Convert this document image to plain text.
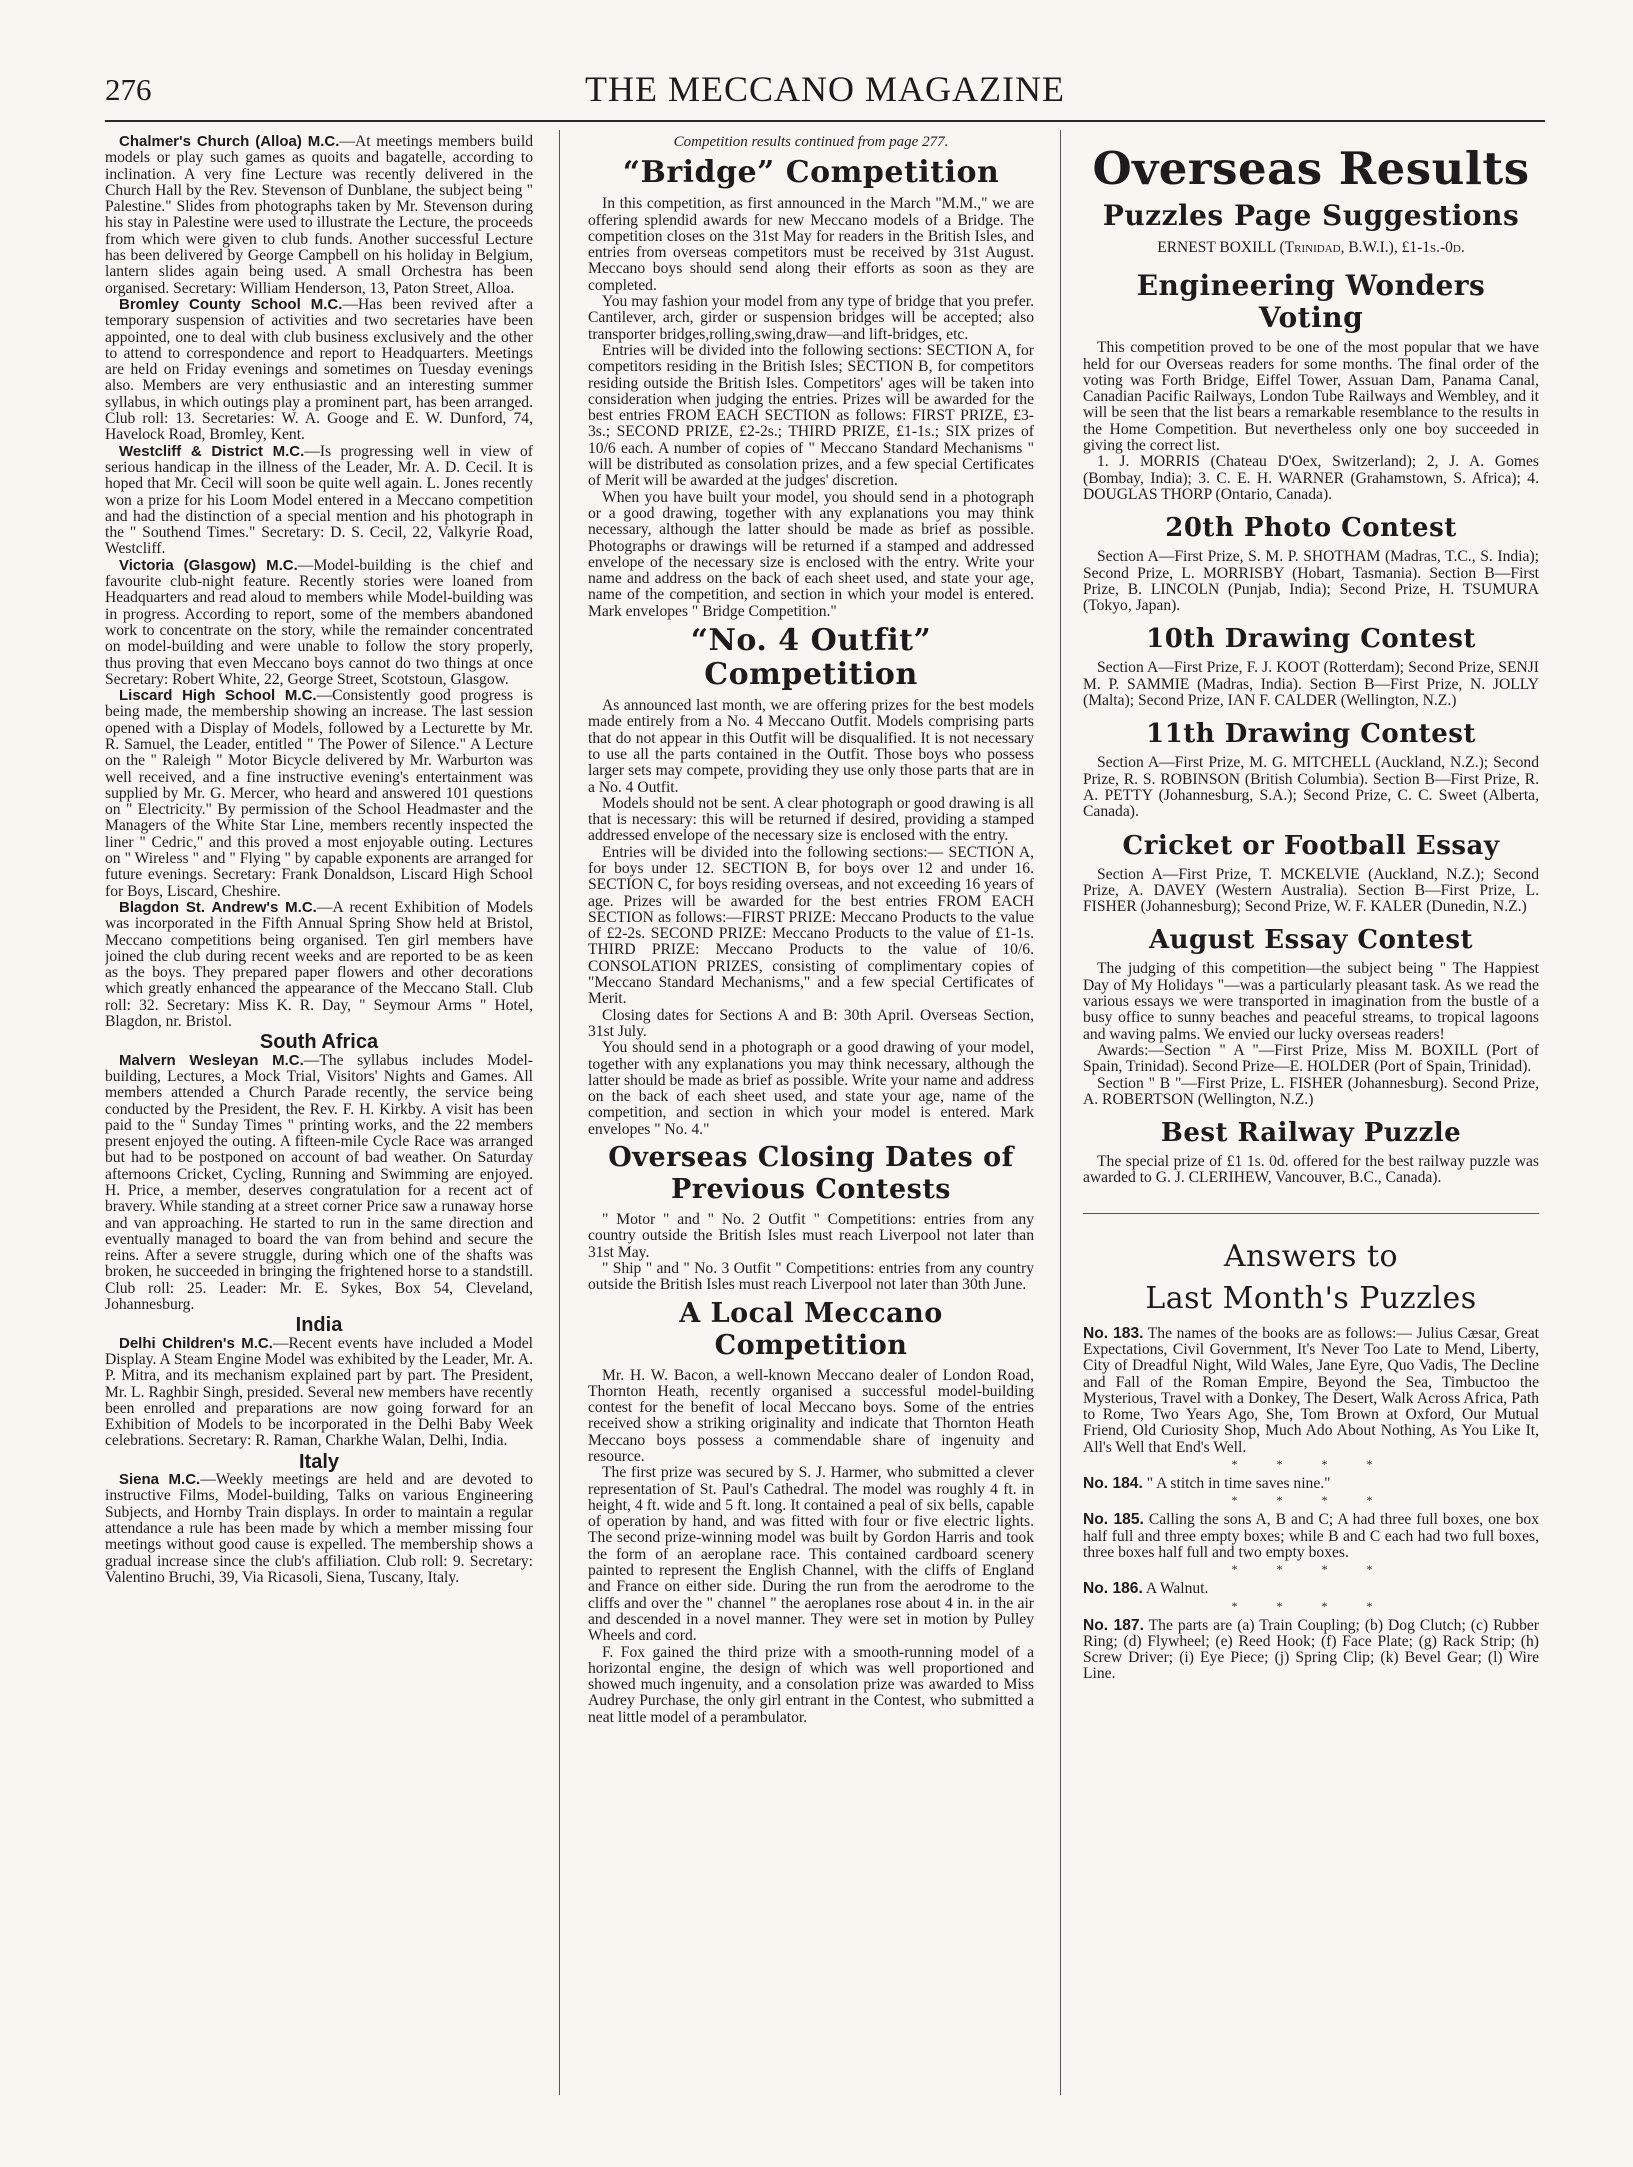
276	THE MECCANO MAGAZINE

Chalmer's Church (Alloa) M.C.—At meetings members build models or play such games as quoits and bagatelle, according to inclination. A very fine Lecture was recently delivered in the Church Hall by the Rev. Stevenson of Dunblane, the subject being " Palestine." Slides from photographs taken by Mr. Stevenson during his stay in Palestine were used to illustrate the Lecture, the proceeds from which were given to club funds. Another successful Lecture has been delivered by George Campbell on his holiday in Belgium, lantern slides again being used. A small Orchestra has been organised. Secretary: William Henderson, 13, Paton Street, Alloa.

Bromley County School M.C.—Has been revived after a temporary suspension of activities and two secretaries have been appointed, one to deal with club business exclusively and the other to attend to correspondence and report to Headquarters. Meetings are held on Friday evenings and sometimes on Tuesday evenings also. Members are very enthusiastic and an interesting summer syllabus, in which outings play a prominent part, has been arranged. Club roll: 13. Secretaries: W. A. Googe and E. W. Dunford, 74, Havelock Road, Bromley, Kent.

Westcliff & District M.C.—Is progressing well in view of serious handicap in the illness of the Leader, Mr. A. D. Cecil. It is hoped that Mr. Cecil will soon be quite well again. L. Jones recently won a prize for his Loom Model entered in a Meccano competition and had the distinction of a special mention and his photograph in the " Southend Times." Secretary: D. S. Cecil, 22, Valkyrie Road, Westcliff.

Victoria (Glasgow) M.C.—Model-building is the chief and favourite club-night feature. Recently stories were loaned from Headquarters and read aloud to members while Model-building was in progress. According to report, some of the members abandoned work to concentrate on the story, while the remainder concentrated on model-building and were unable to follow the story properly, thus proving that even Meccano boys cannot do two things at once Secretary: Robert White, 22, George Street, Scotstoun, Glasgow.

Liscard High School M.C.—Consistently good progress is being made, the membership showing an increase. The last session opened with a Display of Models, followed by a Lecturette by Mr. R. Samuel, the Leader, entitled " The Power of Silence." A Lecture on the " Raleigh " Motor Bicycle delivered by Mr. Warburton was well received, and a fine instructive evening's entertainment was supplied by Mr. G. Mercer, who heard and answered 101 questions on " Electricity." By permission of the School Headmaster and the Managers of the White Star Line, members recently inspected the liner " Cedric," and this proved a most enjoyable outing. Lectures on " Wireless " and " Flying " by capable exponents are arranged for future evenings. Secretary: Frank Donaldson, Liscard High School for Boys, Liscard, Cheshire.

Blagdon St. Andrew's M.C.—A recent Exhibition of Models was incorporated in the Fifth Annual Spring Show held at Bristol, Meccano competitions being organised. Ten girl members have joined the club during recent weeks and are reported to be as keen as the boys. They prepared paper flowers and other decorations which greatly enhanced the appearance of the Meccano Stall. Club roll: 32. Secretary: Miss K. R. Day, " Seymour Arms " Hotel, Blagdon, nr. Bristol.

South Africa

Malvern Wesleyan M.C.—The syllabus includes Model-building, Lectures, a Mock Trial, Visitors' Nights and Games. All members attended a Church Parade recently, the service being conducted by the President, the Rev. F. H. Kirkby. A visit has been paid to the " Sunday Times " printing works, and the 22 members present enjoyed the outing. A fifteen-mile Cycle Race was arranged but had to be postponed on account of bad weather. On Saturday afternoons Cricket, Cycling, Running and Swimming are enjoyed. H. Price, a member, deserves congratulation for a recent act of bravery. While standing at a street corner Price saw a runaway horse and van approaching. He started to run in the same direction and eventually managed to board the van from behind and secure the reins. After a severe struggle, during which one of the shafts was broken, he succeeded in bringing the frightened horse to a standstill. Club roll: 25. Leader: Mr. E. Sykes, Box 54, Cleveland, Johannesburg.

India

Delhi Children's M.C.—Recent events have included a Model Display. A Steam Engine Model was exhibited by the Leader, Mr. A. P. Mitra, and its mechanism explained part by part. The President, Mr. L. Raghbir Singh, presided. Several new members have recently been enrolled and preparations are now going forward for an Exhibition of Models to be incorporated in the Delhi Baby Week celebrations. Secretary: R. Raman, Charkhe Walan, Delhi, India.

Italy

Siena M.C.—Weekly meetings are held and are devoted to instructive Films, Model-building, Talks on various Engineering Subjects, and Hornby Train displays. In order to maintain a regular attendance a rule has been made by which a member missing four meetings without good cause is expelled. The membership shows a gradual increase since the club's affiliation. Club roll: 9. Secretary: Valentino Bruchi, 39, Via Ricasoli, Siena, Tuscany, Italy.

Competition results continued from page 277.
“Bridge” Competition

In this competition, as first announced in the March "M.M.," we are offering splendid awards for new Meccano models of a Bridge. The competition closes on the 31st May for readers in the British Isles, and entries from overseas competitors must be received by 31st August. Meccano boys should send along their efforts as soon as they are completed.

You may fashion your model from any type of bridge that you prefer. Cantilever, arch, girder or suspension bridges will be accepted; also transporter bridges,rolling,swing,draw—and lift-bridges, etc.

Entries will be divided into the following sections: SECTION A, for competitors residing in the British Isles; SECTION B, for competitors residing outside the British Isles. Competitors' ages will be taken into consideration when judging the entries. Prizes will be awarded for the best entries FROM EACH SECTION as follows: FIRST PRIZE, £3-3s.; SECOND PRIZE, £2-2s.; THIRD PRIZE, £1-1s.; SIX prizes of 10/6 each. A number of copies of " Meccano Standard Mechanisms " will be distributed as consolation prizes, and a few special Certificates of Merit will be awarded at the judges' discretion.

When you have built your model, you should send in a photograph or a good drawing, together with any explanations you may think necessary, although the latter should be made as brief as possible. Photographs or drawings will be returned if a stamped and addressed envelope of the necessary size is enclosed with the entry. Write your name and address on the back of each sheet used, and state your age, name of the competition, and section in which your model is entered. Mark envelopes " Bridge Competition."

“No. 4 Outfit” Competition

As announced last month, we are offering prizes for the best models made entirely from a No. 4 Meccano Outfit. Models comprising parts that do not appear in this Outfit will be disqualified. It is not necessary to use all the parts contained in the Outfit. Those boys who possess larger sets may compete, providing they use only those parts that are in a No. 4 Outfit.

Models should not be sent. A clear photograph or good drawing is all that is necessary: this will be returned if desired, providing a stamped addressed envelope of the necessary size is enclosed with the entry.

Entries will be divided into the following sections:— SECTION A, for boys under 12. SECTION B, for boys over 12 and under 16. SECTION C, for boys residing overseas, and not exceeding 16 years of age. Prizes will be awarded for the best entries FROM EACH SECTION as follows:—FIRST PRIZE: Meccano Products to the value of £2-2s. SECOND PRIZE: Meccano Products to the value of £1-1s. THIRD PRIZE: Meccano Products to the value of 10/6. CONSOLATION PRIZES, consisting of complimentary copies of "Meccano Standard Mechanisms," and a few special Certificates of Merit.

Closing dates for Sections A and B: 30th April. Overseas Section, 31st July.

You should send in a photograph or a good drawing of your model, together with any explanations you may think necessary, although the latter should be made as brief as possible. Write your name and address on the back of each sheet used, and state your age, name of the competition, and section in which your model is entered. Mark envelopes " No. 4."

Overseas Closing Dates of Previous Contests

" Motor " and " No. 2 Outfit " Competitions: entries from any country outside the British Isles must reach Liverpool not later than 31st May.

" Ship " and " No. 3 Outfit " Competitions: entries from any country outside the British Isles must reach Liverpool not later than 30th June.

A Local Meccano Competition

Mr. H. W. Bacon, a well-known Meccano dealer of London Road, Thornton Heath, recently organised a successful model-building contest for the benefit of local Meccano boys. Some of the entries received show a striking originality and indicate that Thornton Heath Meccano boys possess a commendable share of ingenuity and resource.

The first prize was secured by S. J. Harmer, who submitted a clever representation of St. Paul's Cathedral. The model was roughly 4 ft. in height, 4 ft. wide and 5 ft. long. It contained a peal of six bells, capable of operation by hand, and was fitted with four or five electric lights. The second prize-winning model was built by Gordon Harris and took the form of an aeroplane race. This contained cardboard scenery painted to represent the English Channel, with the cliffs of England and France on either side. During the run from the aerodrome to the cliffs and over the " channel " the aeroplanes rose about 4 in. in the air and descended in a novel manner. They were set in motion by Pulley Wheels and cord.

F. Fox gained the third prize with a smooth-running model of a horizontal engine, the design of which was well proportioned and showed much ingenuity, and a consolation prize was awarded to Miss Audrey Purchase, the only girl entrant in the Contest, who submitted a neat little model of a perambulator.

Overseas Results
Puzzles Page Suggestions
ERNEST BOXILL (Trinidad, B.W.I.), £1-1s.-0d.
Engineering Wonders Voting

This competition proved to be one of the most popular that we have held for our Overseas readers for some months. The final order of the voting was Forth Bridge, Eiffel Tower, Assuan Dam, Panama Canal, Canadian Pacific Railways, London Tube Railways and Wembley, and it will be seen that the list bears a remarkable resemblance to the results in the Home Competition. But nevertheless only one boy succeeded in giving the correct list.

1. J. MORRIS (Chateau D'Oex, Switzerland); 2, J. A. Gomes (Bombay, India); 3. C. E. H. WARNER (Grahamstown, S. Africa); 4. DOUGLAS THORP (Ontario, Canada).

20th Photo Contest

Section A—First Prize, S. M. P. SHOTHAM (Madras, T.C., S. India); Second Prize, L. MORRISBY (Hobart, Tasmania). Section B—First Prize, B. LINCOLN (Punjab, India); Second Prize, H. TSUMURA (Tokyo, Japan).

10th Drawing Contest

Section A—First Prize, F. J. KOOT (Rotterdam); Second Prize, SENJI M. P. SAMMIE (Madras, India). Section B—First Prize, N. JOLLY (Malta); Second Prize, IAN F. CALDER (Wellington, N.Z.)

11th Drawing Contest

Section A—First Prize, M. G. MITCHELL (Auckland, N.Z.); Second Prize, R. S. ROBINSON (British Columbia). Section B—First Prize, R. A. PETTY (Johannesburg, S.A.); Second Prize, C. C. Sweet (Alberta, Canada).

Cricket or Football Essay

Section A—First Prize, T. MCKELVIE (Auckland, N.Z.); Second Prize, A. DAVEY (Western Australia). Section B—First Prize, L. FISHER (Johannesburg); Second Prize, W. F. KALER (Dunedin, N.Z.)

August Essay Contest

The judging of this competition—the subject being " The Happiest Day of My Holidays "—was a particularly pleasant task. As we read the various essays we were transported in imagination from the bustle of a busy office to sunny beaches and peaceful streams, to tropical lagoons and waving palms. We envied our lucky overseas readers!

Awards:—Section " A "—First Prize, Miss M. BOXILL (Port of Spain, Trinidad). Second Prize—E. HOLDER (Port of Spain, Trinidad).

Section " B "—First Prize, L. FISHER (Johannesburg). Second Prize, A. ROBERTSON (Wellington, N.Z.)

Best Railway Puzzle

The special prize of £1 1s. 0d. offered for the best railway puzzle was awarded to G. J. CLERIHEW, Vancouver, B.C., Canada).

Answers to
Last Month's Puzzles

No. 183. The names of the books are as follows:— Julius Cæsar, Great Expectations, Civil Government, It's Never Too Late to Mend, Liberty, City of Dreadful Night, Wild Wales, Jane Eyre, Quo Vadis, The Decline and Fall of the Roman Empire, Beyond the Sea, Timbuctoo the Mysterious, Travel with a Donkey, The Desert, Walk Across Africa, Path to Rome, Two Years Ago, She, Tom Brown at Oxford, Our Mutual Friend, Old Curiosity Shop, Much Ado About Nothing, As You Like It, All's Well that End's Well.

* * * *

No. 184. " A stitch in time saves nine."

* * * *

No. 185. Calling the sons A, B and C; A had three full boxes, one box half full and three empty boxes; while B and C each had two full boxes, three boxes half full and two empty boxes.

* * * *

No. 186. A Walnut.

* * * *

No. 187. The parts are (a) Train Coupling; (b) Dog Clutch; (c) Rubber Ring; (d) Flywheel; (e) Reed Hook; (f) Face Plate; (g) Rack Strip; (h) Screw Driver; (i) Eye Piece; (j) Spring Clip; (k) Bevel Gear; (l) Wire Line.
